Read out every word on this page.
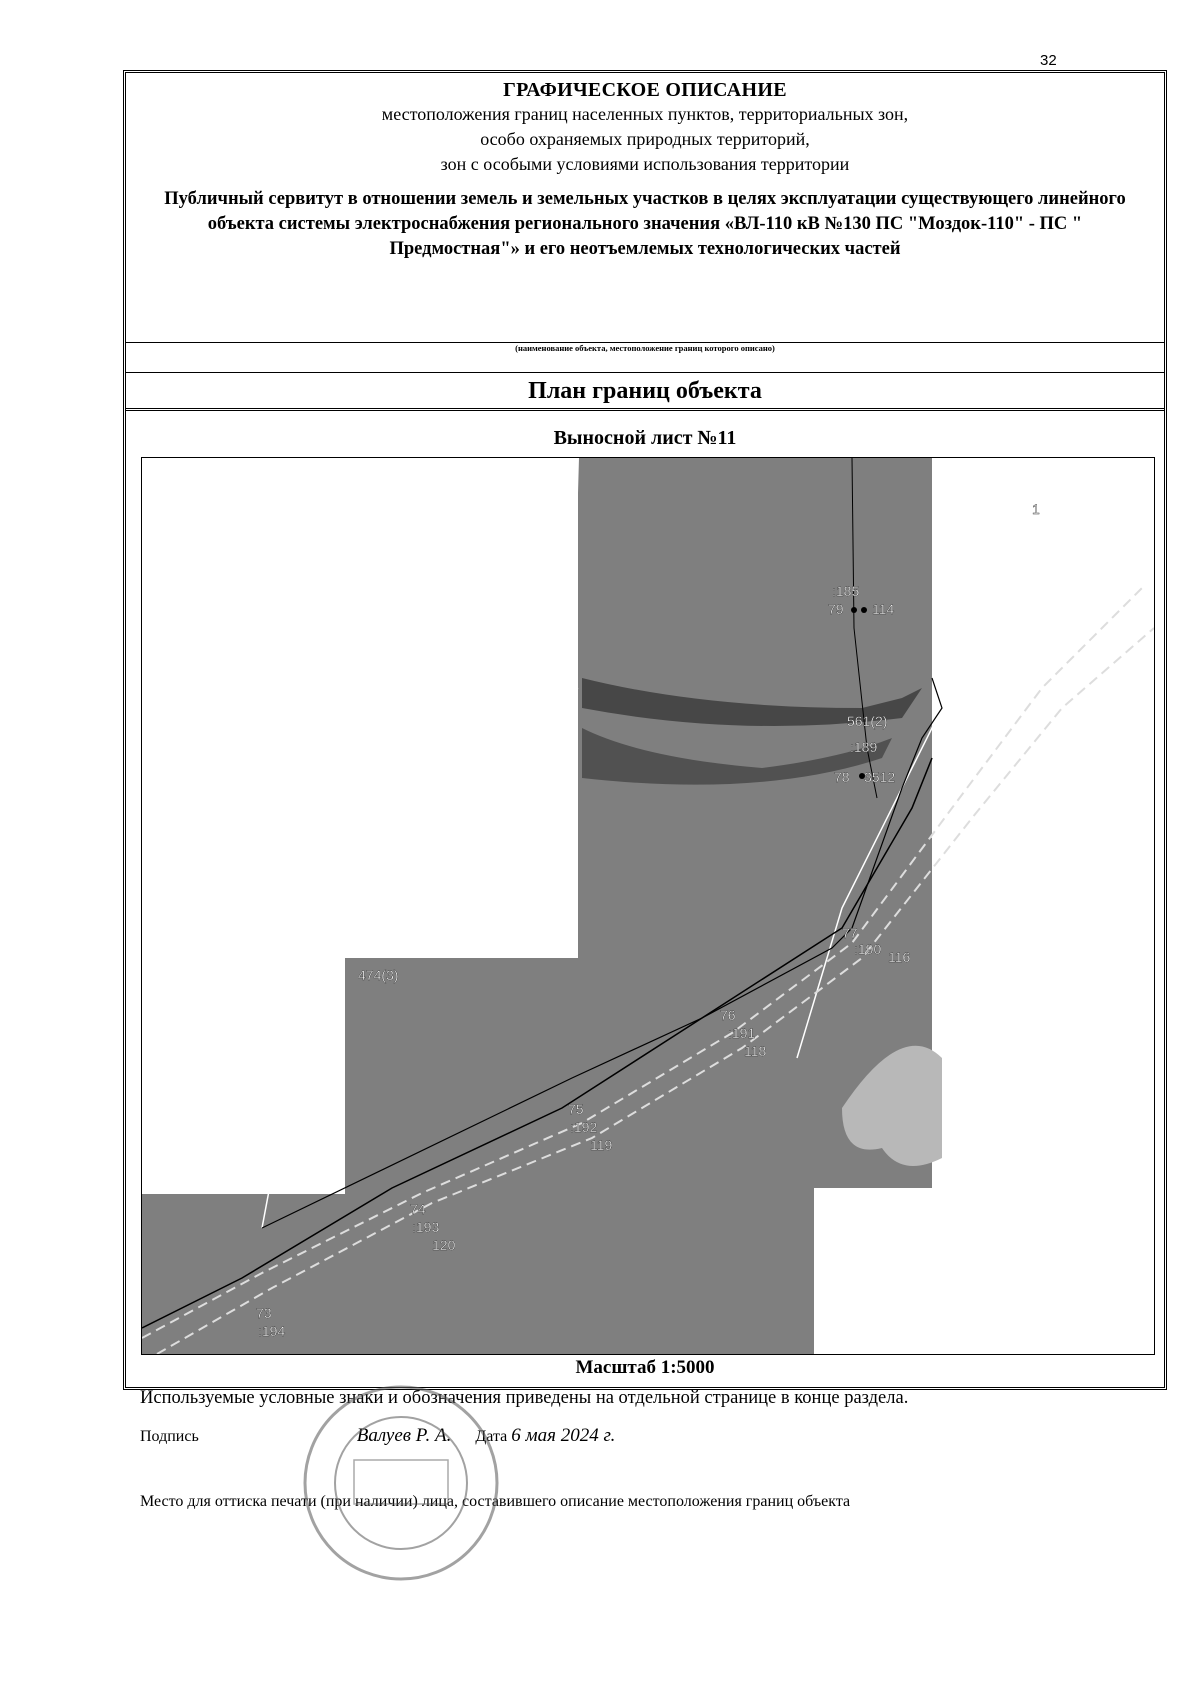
32
ГРАФИЧЕСКОЕ ОПИСАНИЕ
местоположения границ населенных пунктов, территориальных зон,
особо охраняемых природных территорий,
зон с особыми условиями использования территории
Публичный сервитут в отношении земель и земельных участков в целях эксплуатации существующего линейного объекта системы электроснабжения регионального значения «ВЛ-110 кВ №130 ПС "Моздок-110" - ПС " Предмостная"» и его неотъемлемых технологических частей
(наименование объекта, местоположение границ которого описано)
План границ объекта
Выносной лист №11
474(3)
561(2)
1
:185
79 114
:189
78 3512
77
:190 116
76
:191
118
75
:192
119
74
:193
120
73
:194
Масштаб 1:5000
Используемые условные знаки и обозначения приведены на отдельной странице в конце раздела.
Подпись	Валуев Р. А. Дата 6 мая 2024 г.
Место для оттиска печати (при наличии) лица, составившего описание местоположения границ объекта
